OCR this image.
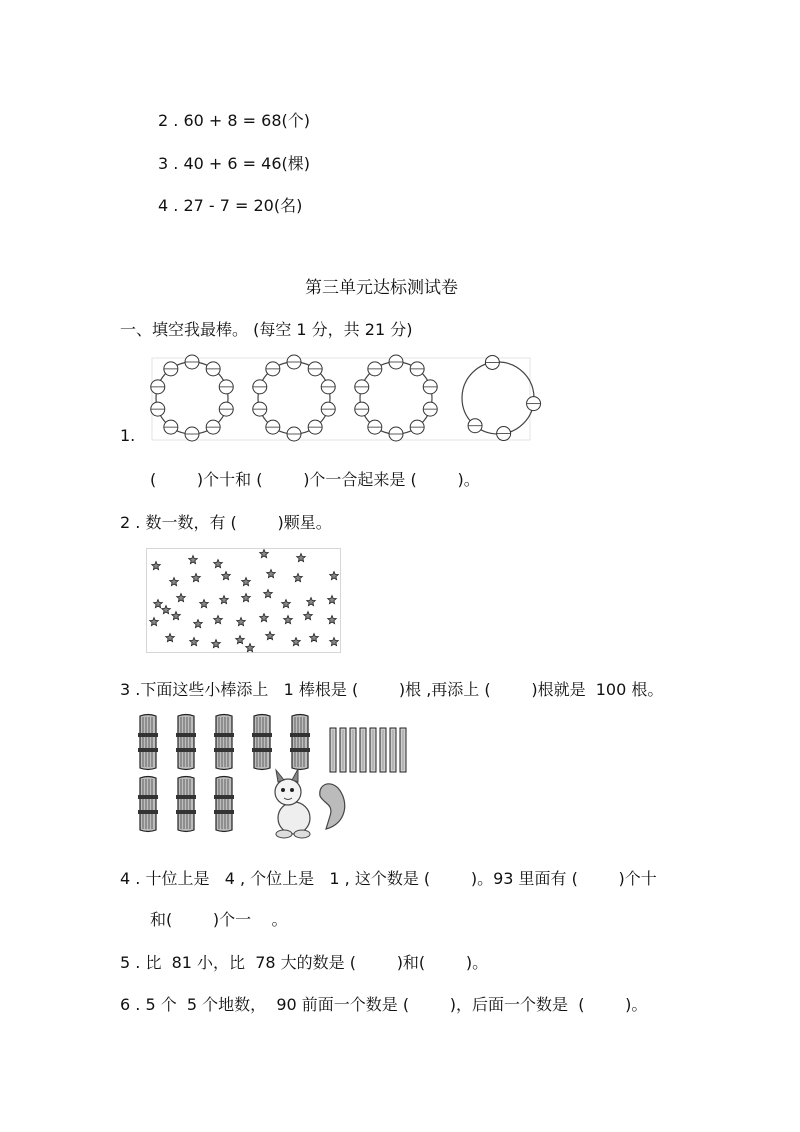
2 . 60 + 8 = 68(个)
3 . 40 + 6 = 46(棵)
4 . 27 - 7 = 20(名)
第三单元达标测试卷
一、填空我最棒。 (每空 1 分，共 21 分)
1.
(        )个十和 (        )个一合起来是 (        )。
2 . 数一数，有 (        )颗星。
3 .下面这些小棒添上   1 棒根是 (        )根 ,再添上 (        )根就是  100 根。
4 . 十位上是   4 , 个位上是   1 , 这个数是 (        )。93 里面有 (        )个十
和(        )个一    。
5 . 比  81 小，比  78 大的数是 (        )和(        )。
6 . 5 个  5 个地数，  90 前面一个数是 (        )，后面一个数是  (        )。
